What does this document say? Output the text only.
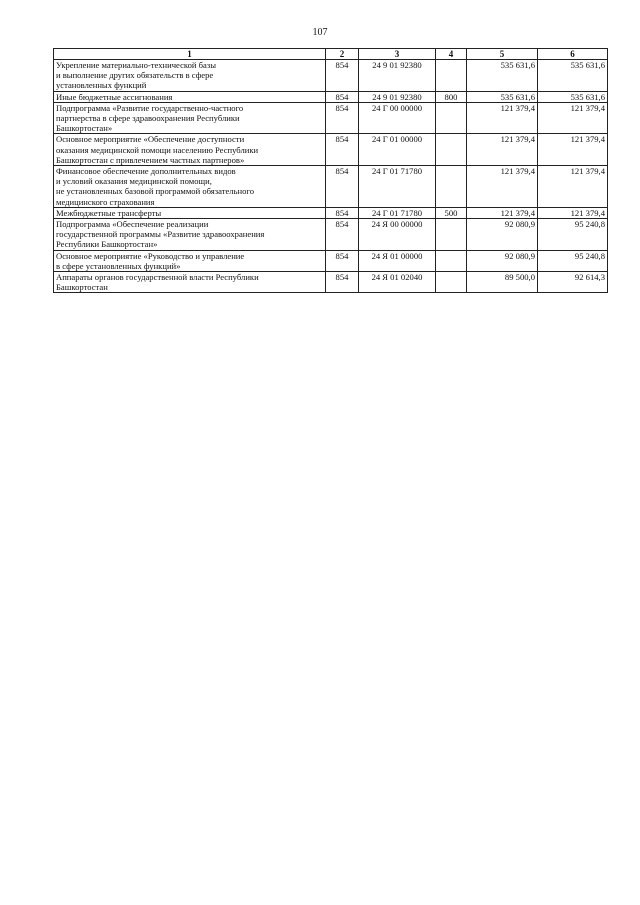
107
1	2	3	4	5	6

Укрепление материально-технической базы
и выполнение других обязательств в сфере
установленных функций	854	24 9 01 92380		535 631,6	535 631,6

Иные бюджетные ассигнования	854	24 9 01 92380	800	535 631,6	535 631,6

Подпрограмма «Развитие государственно-частного
партнерства в сфере здравоохранения Республики
Башкортостан»	854	24 Г 00 00000		121 379,4	121 379,4

Основное мероприятие «Обеспечение доступности
оказания медицинской помощи населению Республики
Башкортостан с привлечением частных партнеров»	854	24 Г 01 00000		121 379,4	121 379,4

Финансовое обеспечение дополнительных видов
и условий оказания медицинской помощи,
не установленных базовой программой обязательного
медицинского страхования	854	24 Г 01 71780		121 379,4	121 379,4

Межбюджетные трансферты	854	24 Г 01 71780	500	121 379,4	121 379,4

Подпрограмма «Обеспечение реализации
государственной программы «Развитие здравоохранения
Республики Башкортостан»	854	24 Я 00 00000		92 080,9	95 240,8

Основное мероприятие «Руководство и управление
в сфере установленных функций»	854	24 Я 01 00000		92 080,9	95 240,8

Аппараты органов государственной власти Республики
Башкортостан	854	24 Я 01 02040		89 500,0	92 614,3
